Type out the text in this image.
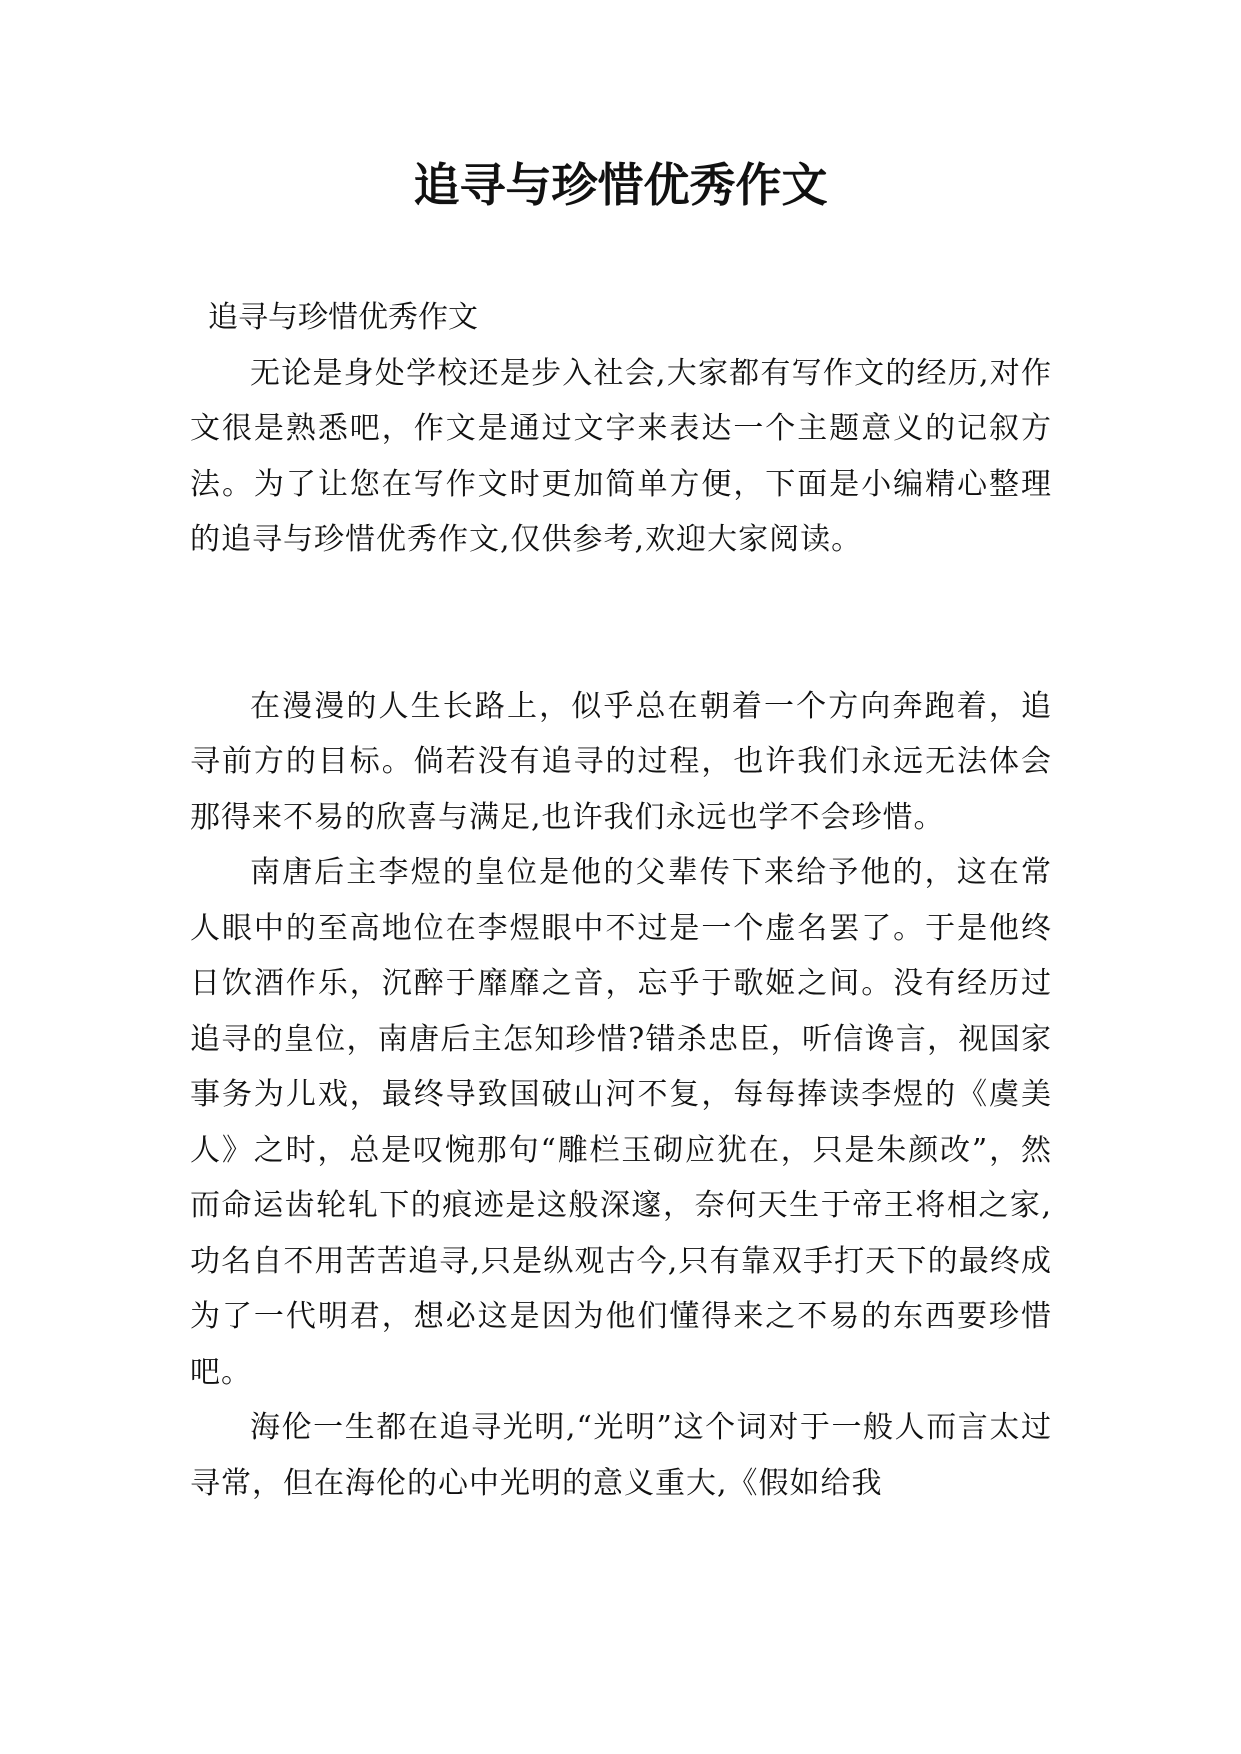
追寻与珍惜优秀作文

追寻与珍惜优秀作文

无论是身处学校还是步入社会,大家都有写作文的经历,对作文很是熟悉吧，作文是通过文字来表达一个主题意义的记叙方法。为了让您在写作文时更加简单方便，下面是小编精心整理的追寻与珍惜优秀作文,仅供参考,欢迎大家阅读。

在漫漫的人生长路上，似乎总在朝着一个方向奔跑着，追寻前方的目标。倘若没有追寻的过程，也许我们永远无法体会那得来不易的欣喜与满足,也许我们永远也学不会珍惜。

南唐后主李煜的皇位是他的父辈传下来给予他的，这在常人眼中的至高地位在李煜眼中不过是一个虚名罢了。于是他终日饮酒作乐，沉醉于靡靡之音，忘乎于歌姬之间。没有经历过追寻的皇位，南唐后主怎知珍惜?错杀忠臣，听信谗言，视国家事务为儿戏，最终导致国破山河不复，每每捧读李煜的《虞美人》之时，总是叹惋那句“雕栏玉砌应犹在，只是朱颜改”，然而命运齿轮轧下的痕迹是这般深邃，奈何天生于帝王将相之家,功名自不用苦苦追寻,只是纵观古今,只有靠双手打天下的最终成为了一代明君，想必这是因为他们懂得来之不易的东西要珍惜吧。

海伦一生都在追寻光明,“光明”这个词对于一般人而言太过寻常，但在海伦的心中光明的意义重大,《假如给我
